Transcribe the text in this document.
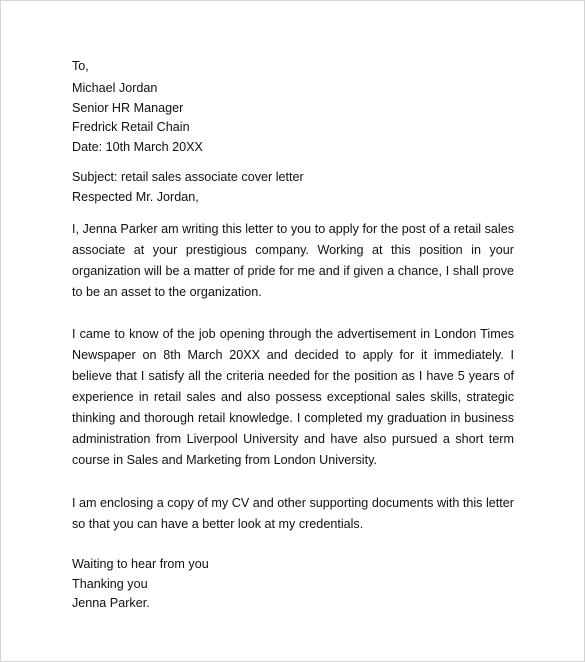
To,
Michael Jordan
Senior HR Manager
Fredrick Retail Chain
Date: 10th March 20XX
Subject: retail sales associate cover letter
Respected Mr. Jordan,

I, Jenna Parker am writing this letter to you to apply for the post of a retail sales associate at your prestigious company. Working at this position in your organization will be a matter of pride for me and if given a chance, I shall prove to be an asset to the organization.

I came to know of the job opening through the advertisement in London Times Newspaper on 8th March 20XX and decided to apply for it immediately. I believe that I satisfy all the criteria needed for the position as I have 5 years of experience in retail sales and also possess exceptional sales skills, strategic thinking and thorough retail knowledge. I completed my graduation in business administration from Liverpool University and have also pursued a short term course in Sales and Marketing from London University.

I am enclosing a copy of my CV and other supporting documents with this letter so that you can have a better look at my credentials.

Waiting to hear from you
Thanking you
Jenna Parker.
